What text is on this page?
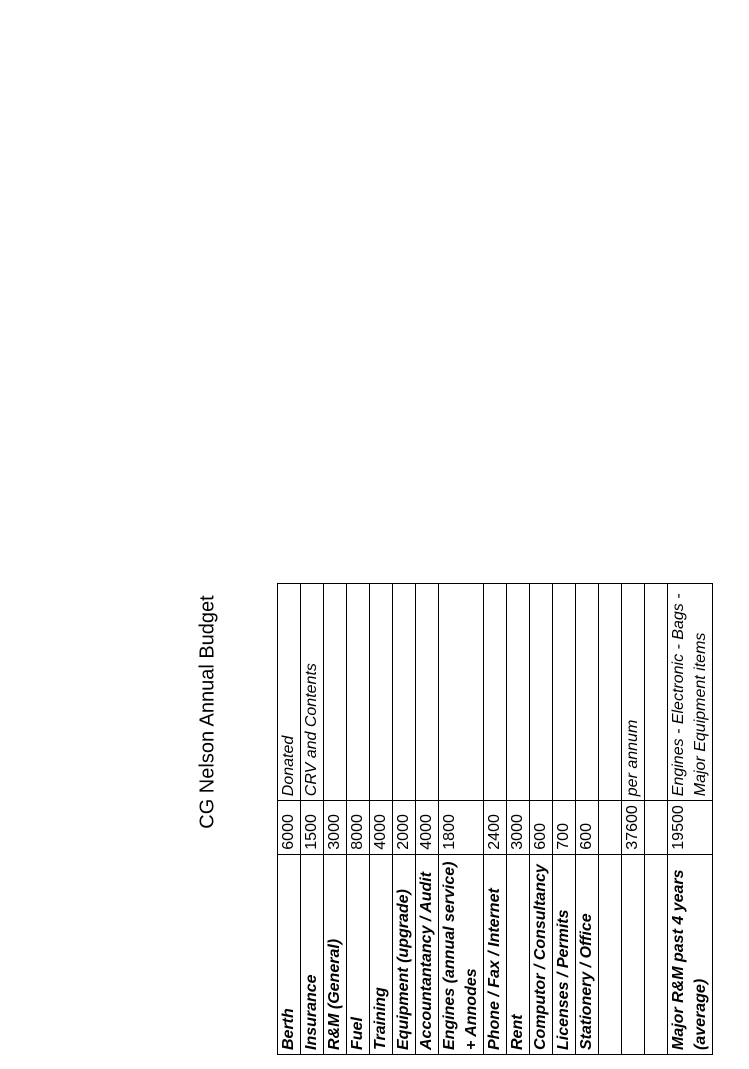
CG Nelson Annual Budget
Berth	6000	Donated
Insurance	1500	CRV and Contents
R&M (General)	3000	
Fuel	8000	
Training	4000	
Equipment (upgrade)	2000	
Accountantancy / Audit	4000	
Engines (annual service) + Annodes	1800	
Phone / Fax / Internet	2400	
Rent	3000	
Computor / Consultancy	600	
Licenses / Permits	700	
Stationery / Office	600	

	37600	per annum

Major R&M past 4 years (average)	19500	Engines - Electronic - Bags - Major Equipment items
